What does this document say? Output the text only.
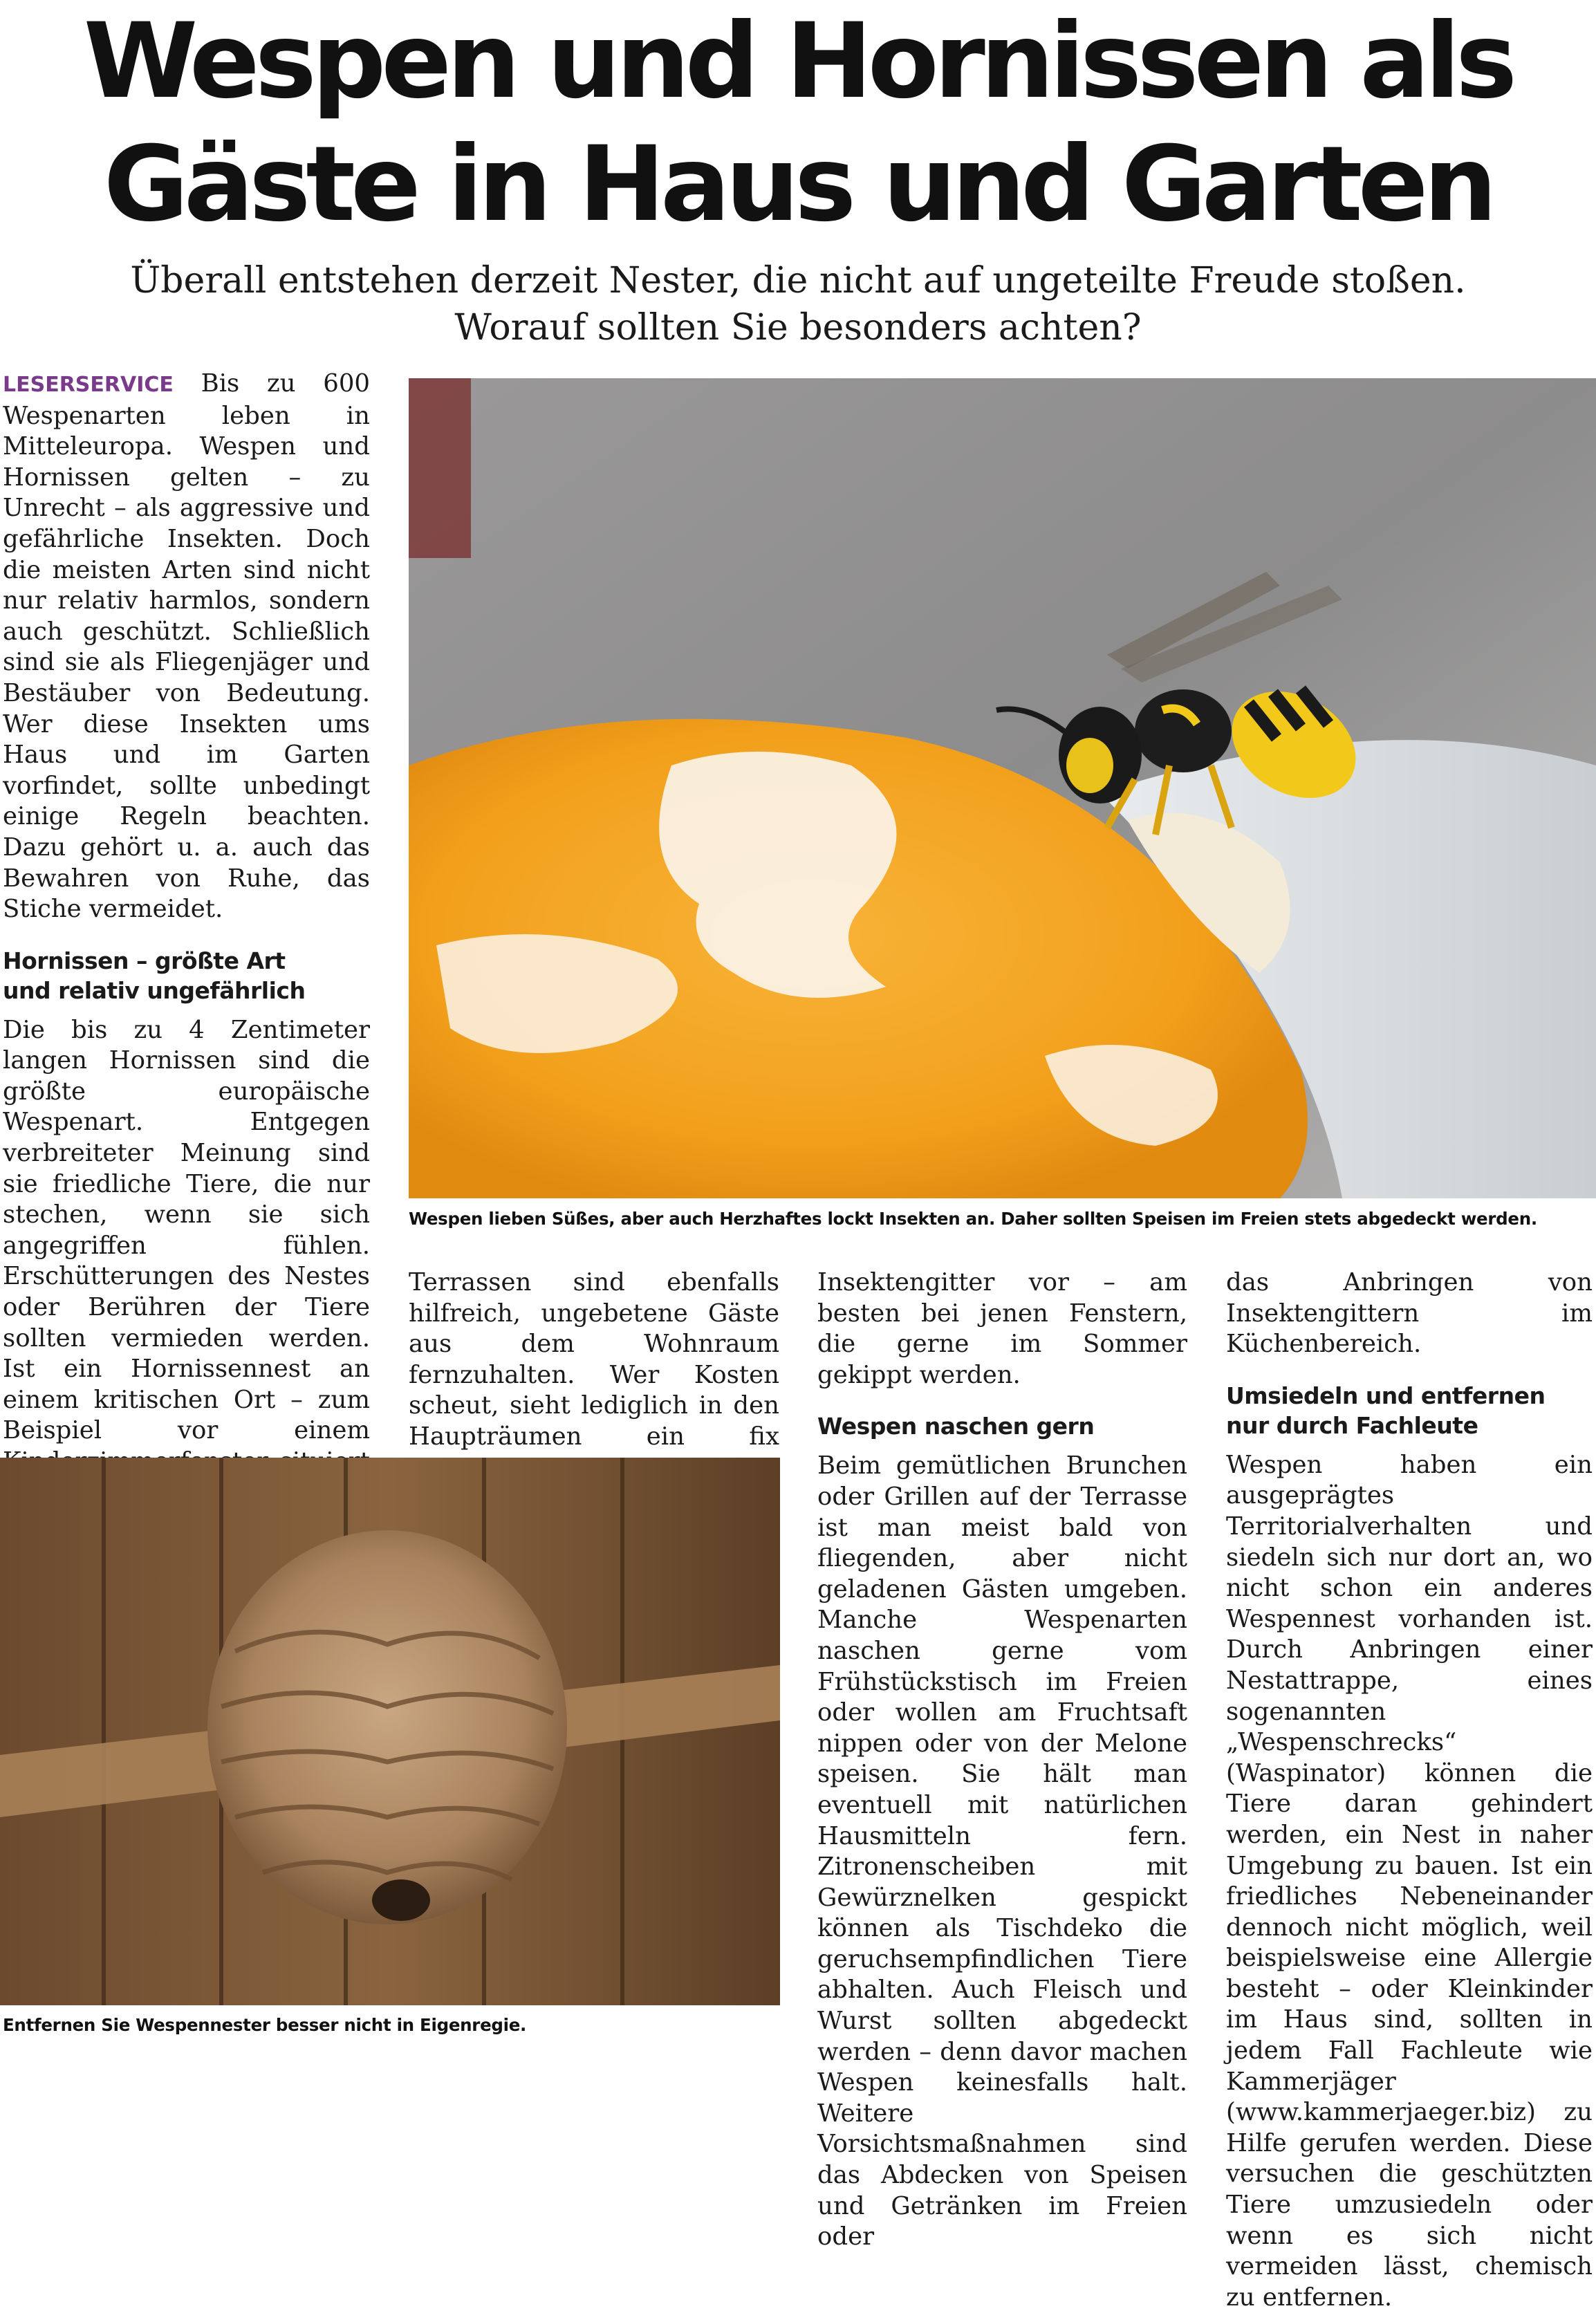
Wespen und Hornissen als
Gäste in Haus und Garten
Überall entstehen derzeit Nester, die nicht auf ungeteilte Freude stoßen.
Worauf sollten Sie besonders achten?

LESERSERVICE Bis zu 600 Wespenarten leben in Mitteleuropa. Wespen und Hornissen gelten – zu Unrecht – als aggressive und gefährliche Insekten. Doch die meisten Arten sind nicht nur relativ harmlos, sondern auch geschützt. Schließlich sind sie als Fliegenjäger und Bestäuber von Bedeutung. Wer diese Insekten ums Haus und im Garten vorfindet, sollte unbedingt einige Regeln beachten. Dazu gehört u. a. auch das Bewahren von Ruhe, das Stiche vermeidet.

Hornissen – größte Art
und relativ ungefährlich

Die bis zu 4 Zentimeter langen Hornissen sind die größte europäische Wespenart. Entgegen verbreiteter Meinung sind sie friedliche Tiere, die nur stechen, wenn sie sich angegriffen fühlen. Erschütterungen des Nestes oder Berühren der Tiere sollten vermieden werden. Ist ein Hornissennest an einem kritischen Ort – zum Beispiel vor einem

Wespen lieben Süßes, aber auch Herzhaftes lockt Insekten an. Daher sollten Speisen im Freien stets abgedeckt werden.

Terrassen sind ebenfalls hilfreich, ungebetene Gäste aus dem Wohnraum fernzuhalten. Wer Kosten scheut, sieht lediglich in den Haupträumen ein fix

Insektengitter vor – am besten bei jenen Fenstern, die gerne im Sommer gekippt werden.

Wespen naschen gern

Beim gemütlichen Brunchen oder Grillen auf der Terrasse ist man meist bald von fliegenden, aber nicht geladenen Gästen umgeben. Manche Wespenarten naschen gerne vom Frühstückstisch im Freien oder wollen am Fruchtsaft nippen oder von der Melone speisen. Sie hält man eventuell mit natürlichen Hausmitteln fern. Zitronenscheiben mit Gewürznelken gespickt können als Tischdeko die geruchsempfindlichen Tiere abhalten. Auch Fleisch und Wurst sollten abgedeckt werden – denn davor machen Wespen keinesfalls halt. Weitere Vorsichtsmaßnahmen sind das Abdecken von Speisen und Getränken im Freien oder

das Anbringen von Insektengittern im Küchenbereich.

Umsiedeln und entfernen
nur durch Fachleute

Wespen haben ein ausgeprägtes Territorialverhalten und siedeln sich nur dort an, wo nicht schon ein anderes Wespennest vorhanden ist. Durch Anbringen einer Nestattrappe, eines sogenannten „Wespenschrecks“ (Waspinator) können die Tiere daran gehindert werden, ein Nest in naher Umgebung zu bauen. Ist ein friedliches Nebeneinander dennoch nicht möglich, weil beispielsweise eine Allergie besteht – oder Kleinkinder im Haus sind, sollten in jedem Fall Fachleute wie Kammerjäger (www.kammerjaeger.biz) zu Hilfe gerufen werden. Diese versuchen die geschützten Tiere umzusiedeln oder wenn es sich nicht vermeiden lässt, chemisch zu entfernen.

Entfernen Sie Wespennester besser nicht in Eigenregie.
